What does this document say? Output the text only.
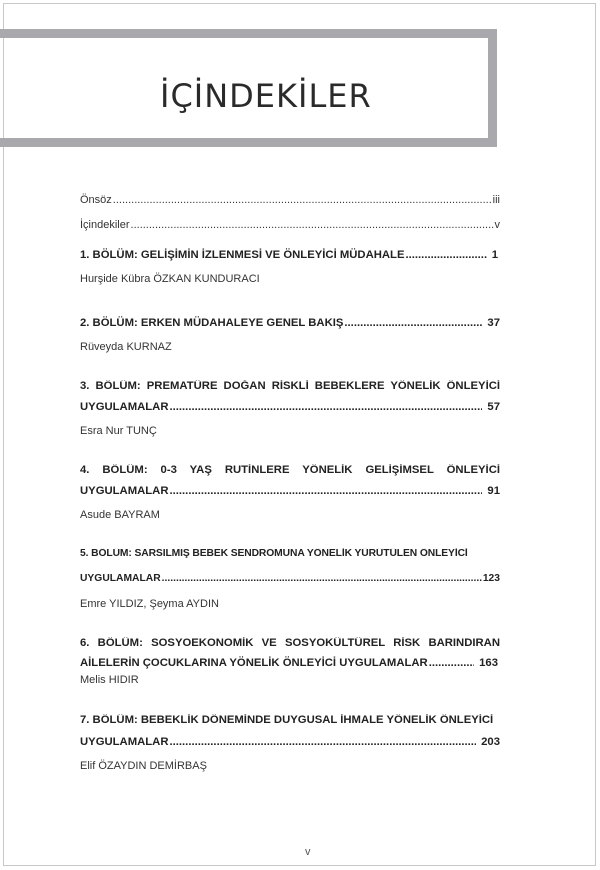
İÇİNDEKİLER
Önsöz .....	iii
İçindekiler .....	v
1. BÖLÜM: GELİŞİMİN İZLENMESİ VE ÖNLEYİCİ MÜDAHALE .....	1
Hurşide Kübra ÖZKAN KUNDURACI
2. BÖLÜM: ERKEN MÜDAHALEYE GENEL BAKIŞ .....	37
Rüveyda KURNAZ
3. BÖLÜM: PREMATÜRE DOĞAN RİSKLİ BEBEKLERE YÖNELİK ÖNLEYİCİ
UYGULAMALAR .....	57
Esra Nur TUNÇ
4. BÖLÜM: 0-3 YAŞ RUTİNLERE YÖNELİK GELİŞİMSEL ÖNLEYİCİ
UYGULAMALAR .....	91
Asude BAYRAM
5. BÖLÜM: SARSILMIŞ BEBEK SENDROMUNA YÖNELİK YÜRÜTÜLEN ÖNLEYİCİ
UYGULAMALAR .....	123
Emre YILDIZ, Şeyma AYDIN
6. BÖLÜM: SOSYOEKONOMİK VE SOSYOKÜLTÜREL RİSK BARINDIRAN
AİLELERİN ÇOCUKLARINA YÖNELİK ÖNLEYİCİ UYGULAMALAR .....	163
Melis HIDIR
7. BÖLÜM: BEBEKLİK DÖNEMİNDE DUYGUSAL İHMALE YÖNELİK ÖNLEYİCİ
UYGULAMALAR .....	203
Elif ÖZAYDIN DEMİRBAŞ
v
